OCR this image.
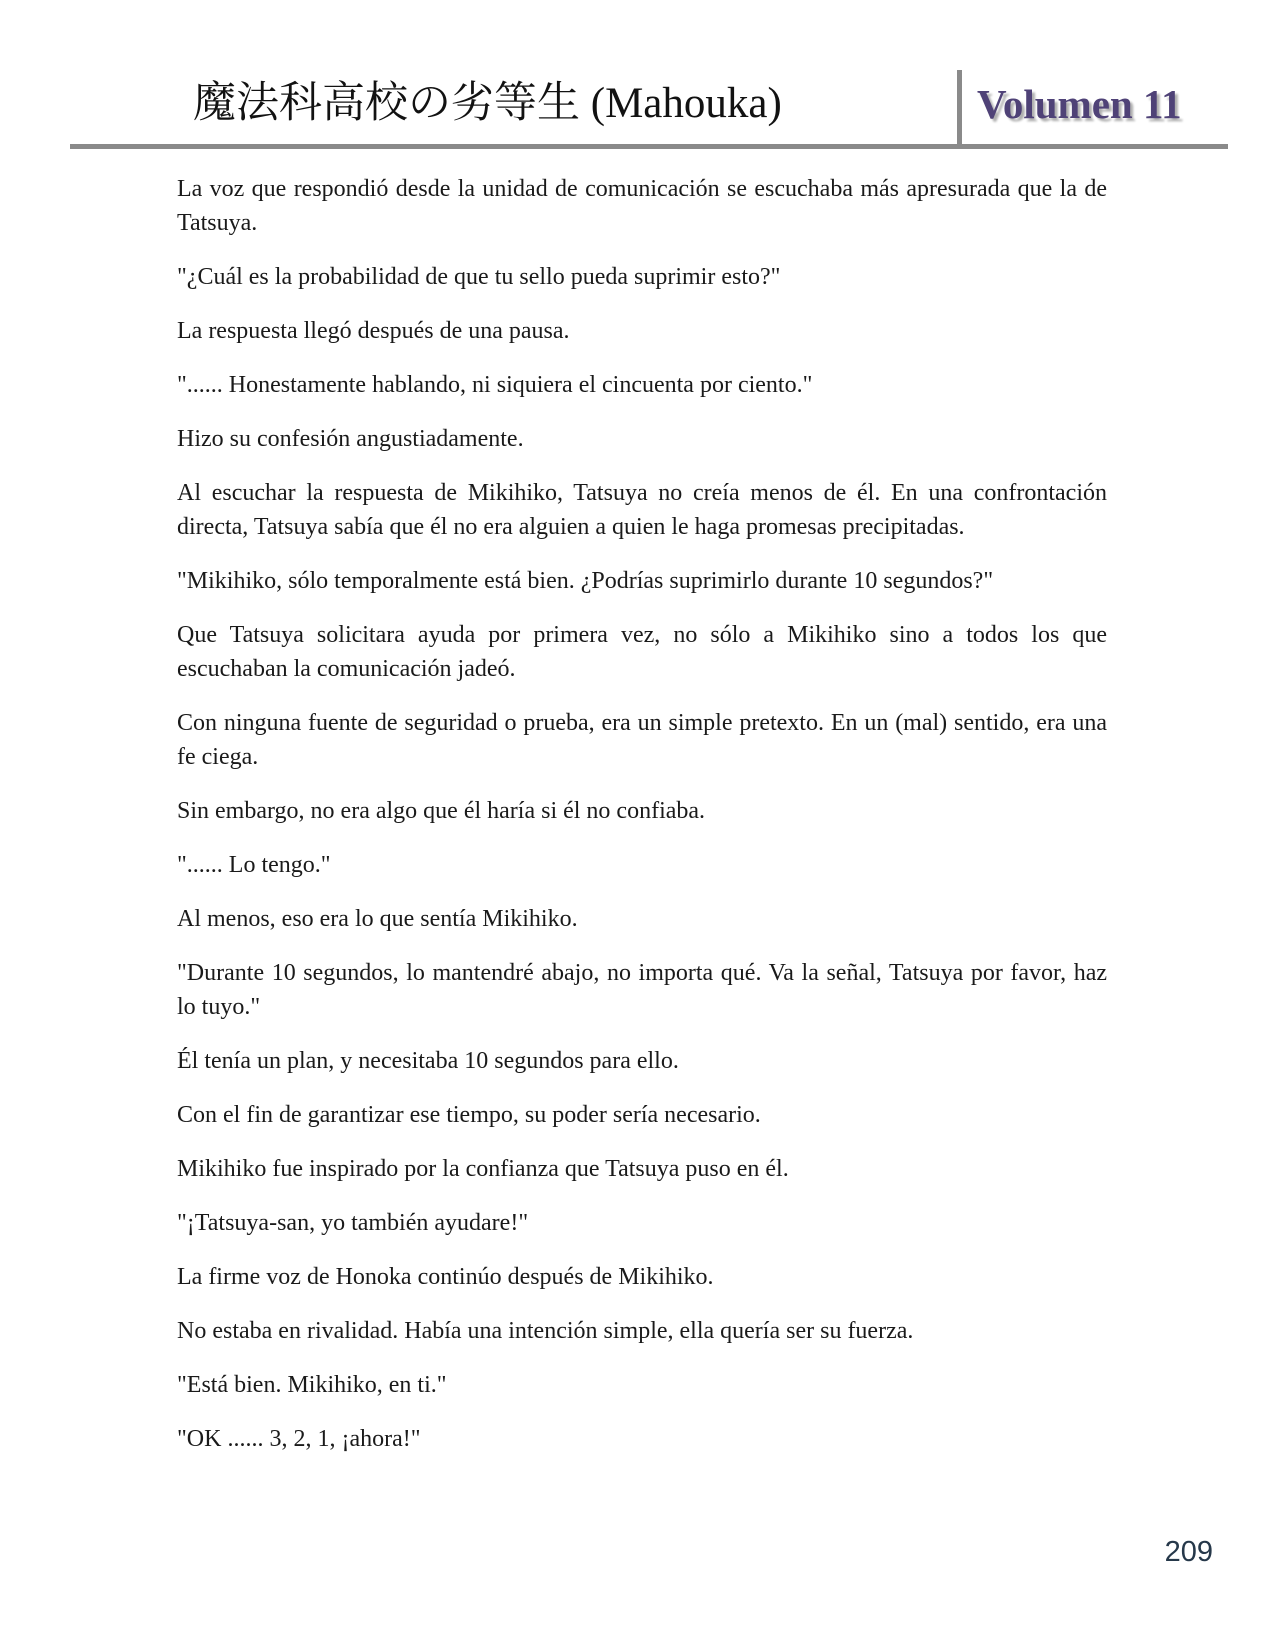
魔法科高校の劣等生 (Mahouka)	Volumen 11

La voz que respondió desde la unidad de comunicación se escuchaba más apresurada que la de Tatsuya.

"¿Cuál es la probabilidad de que tu sello pueda suprimir esto?"

La respuesta llegó después de una pausa.

"...... Honestamente hablando, ni siquiera el cincuenta por ciento."

Hizo su confesión angustiadamente.

Al escuchar la respuesta de Mikihiko, Tatsuya no creía menos de él. En una confrontación directa, Tatsuya sabía que él no era alguien a quien le haga promesas precipitadas.

"Mikihiko, sólo temporalmente está bien. ¿Podrías suprimirlo durante 10 segundos?"

Que Tatsuya solicitara ayuda por primera vez, no sólo a Mikihiko sino a todos los que escuchaban la comunicación jadeó.

Con ninguna fuente de seguridad o prueba, era un simple pretexto. En un (mal) sentido, era una fe ciega.

Sin embargo, no era algo que él haría si él no confiaba.

"...... Lo tengo."

Al menos, eso era lo que sentía Mikihiko.

"Durante 10 segundos, lo mantendré abajo, no importa qué. Va la señal, Tatsuya por favor, haz lo tuyo."

Él tenía un plan, y necesitaba 10 segundos para ello.

Con el fin de garantizar ese tiempo, su poder sería necesario.

Mikihiko fue inspirado por la confianza que Tatsuya puso en él.

"¡Tatsuya-san, yo también ayudare!"

La firme voz de Honoka continúo después de Mikihiko.

No estaba en rivalidad. Había una intención simple, ella quería ser su fuerza.

"Está bien. Mikihiko, en ti."

"OK ...... 3, 2, 1, ¡ahora!"

209
